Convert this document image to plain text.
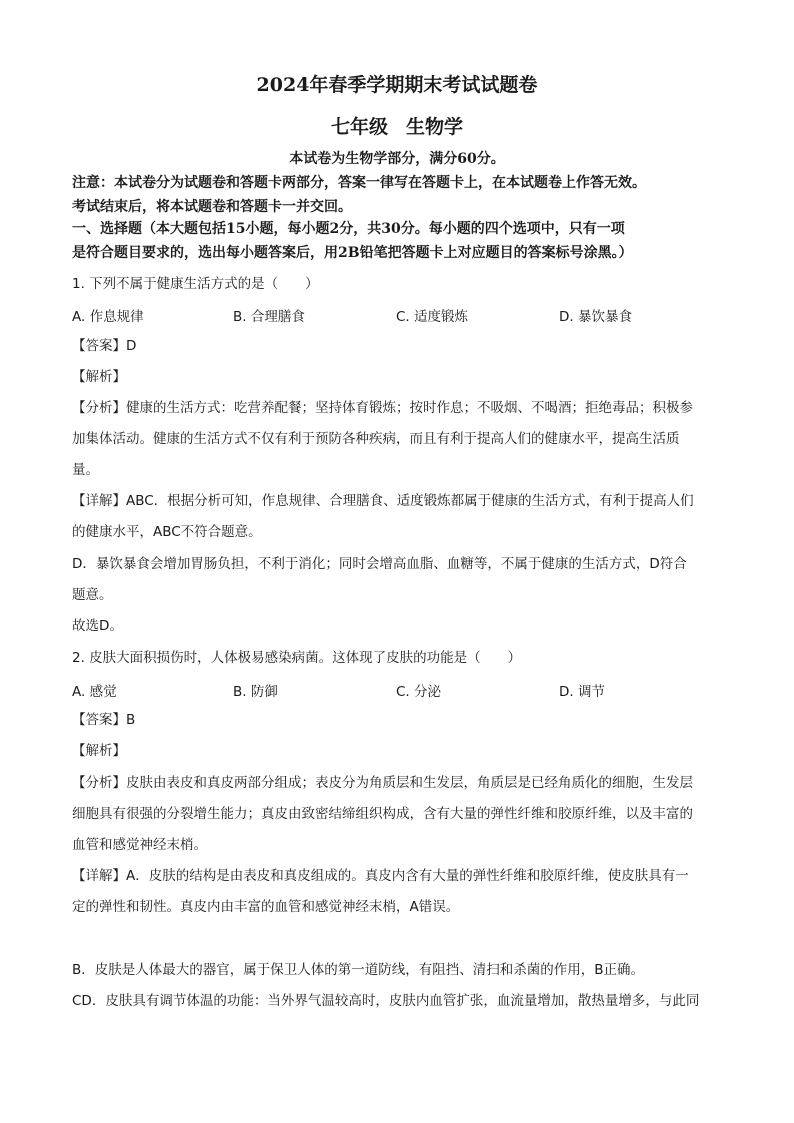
2024年春季学期期末考试试题卷
七年级 生物学
本试卷为生物学部分，满分60分。
注意：本试卷分为试题卷和答题卡两部分，答案一律写在答题卡上，在本试题卷上作答无效。
考试结束后，将本试题卷和答题卡一并交回。
一、选择题（本大题包括15小题，每小题2分，共30分。每小题的四个选项中，只有一项
是符合题目要求的，选出每小题答案后，用2B铅笔把答题卡上对应题目的答案标号涂黑。）
1. 下列不属于健康生活方式的是（　　）
A. 作息规律	B. 合理膳食	C. 适度锻炼	D. 暴饮暴食
【答案】D
【解析】
【分析】健康的生活方式：吃营养配餐；坚持体育锻炼；按时作息；不吸烟、不喝酒；拒绝毒品；积极参
加集体活动。健康的生活方式不仅有利于预防各种疾病，而且有利于提高人们的健康水平，提高生活质
量。
【详解】ABC．根据分析可知，作息规律、合理膳食、适度锻炼都属于健康的生活方式，有利于提高人们
的健康水平，ABC不符合题意。
D．暴饮暴食会增加胃肠负担，不利于消化；同时会增高血脂、血糖等，不属于健康的生活方式，D符合
题意。
故选D。
2. 皮肤大面积损伤时，人体极易感染病菌。这体现了皮肤的功能是（　　）
A. 感觉	B. 防御	C. 分泌	D. 调节
【答案】B
【解析】
【分析】皮肤由表皮和真皮两部分组成；表皮分为角质层和生发层，角质层是已经角质化的细胞，生发层
细胞具有很强的分裂增生能力；真皮由致密结缔组织构成，含有大量的弹性纤维和胶原纤维，以及丰富的
血管和感觉神经末梢。
【详解】A．皮肤的结构是由表皮和真皮组成的。真皮内含有大量的弹性纤维和胶原纤维，使皮肤具有一
定的弹性和韧性。真皮内由丰富的血管和感觉神经末梢，A错误。
B．皮肤是人体最大的器官，属于保卫人体的第一道防线，有阻挡、清扫和杀菌的作用，B正确。
CD．皮肤具有调节体温的功能：当外界气温较高时，皮肤内血管扩张，血流量增加，散热量增多，与此同
